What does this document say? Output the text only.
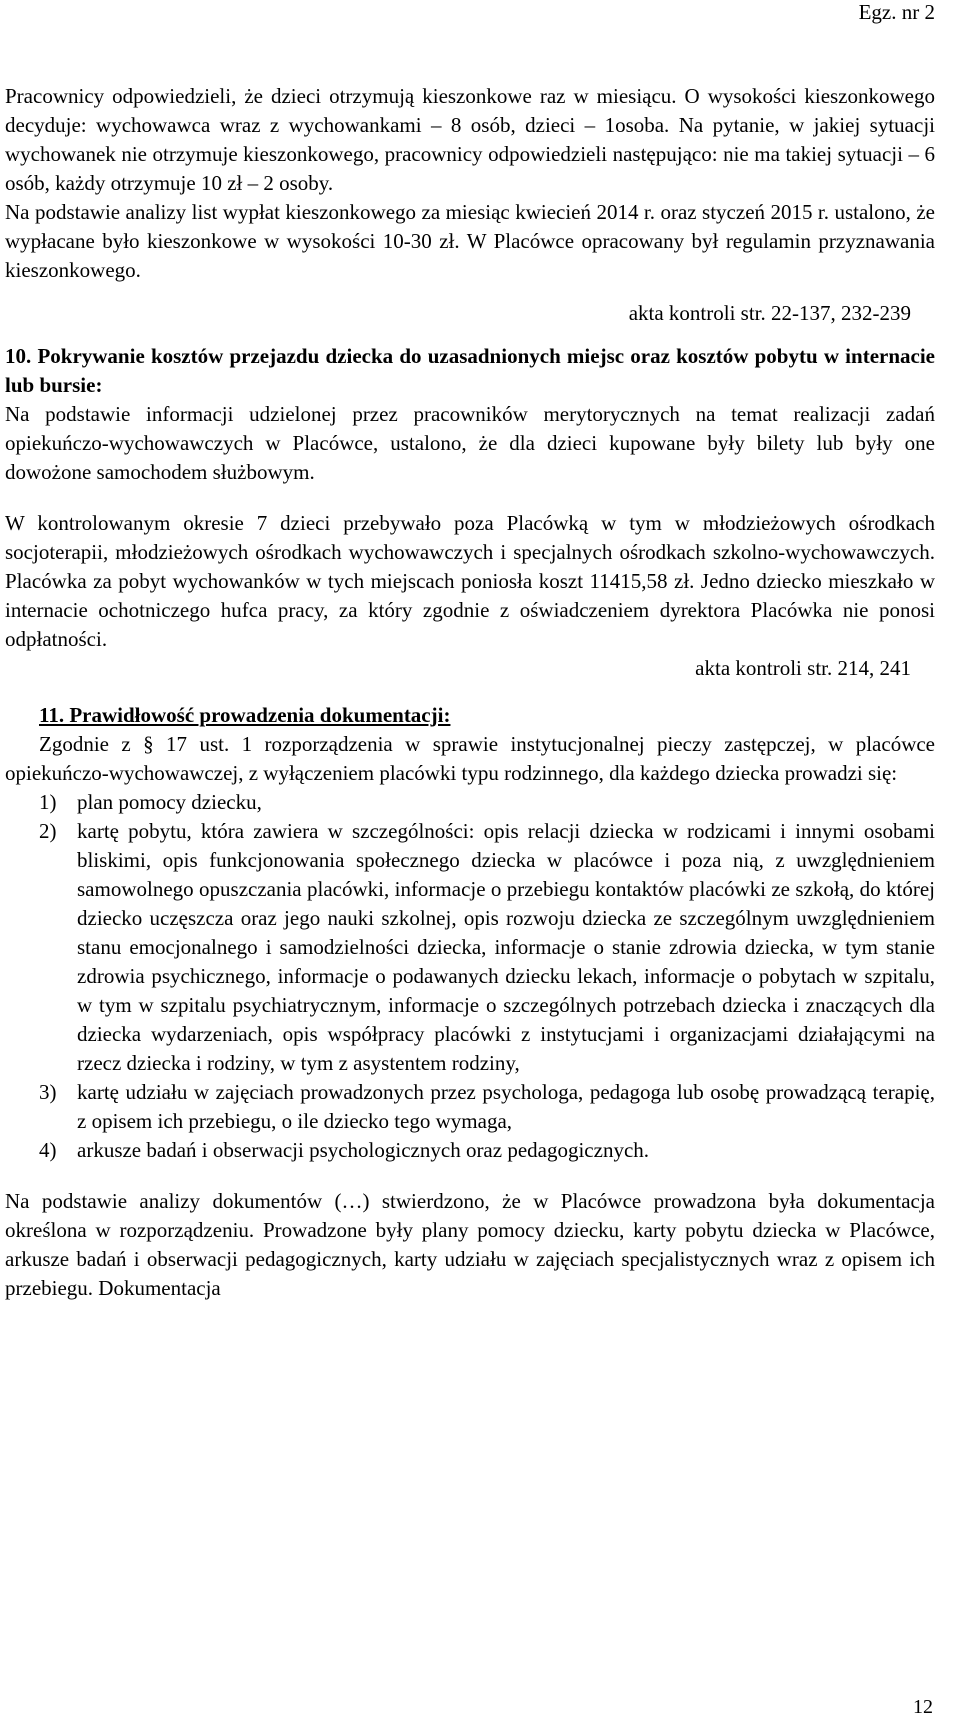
Egz. nr 2

Pracownicy odpowiedzieli, że dzieci otrzymują kieszonkowe raz w miesiącu. O wysokości kieszonkowego decyduje: wychowawca wraz z wychowankami – 8 osób, dzieci – 1osoba. Na pytanie, w jakiej sytuacji wychowanek nie otrzymuje kieszonkowego, pracownicy odpowiedzieli następująco: nie ma takiej sytuacji – 6 osób, każdy otrzymuje 10 zł – 2 osoby.

Na podstawie analizy list wypłat kieszonkowego za miesiąc kwiecień 2014 r. oraz styczeń 2015 r. ustalono, że wypłacane było kieszonkowe w wysokości 10-30 zł. W Placówce opracowany był regulamin przyznawania kieszonkowego.

akta kontroli str. 22-137, 232-239

10. Pokrywanie kosztów przejazdu dziecka do uzasadnionych miejsc oraz kosztów pobytu w internacie lub bursie:

Na podstawie informacji udzielonej przez pracowników merytorycznych na temat realizacji zadań opiekuńczo-wychowawczych w Placówce, ustalono, że dla dzieci kupowane były bilety lub były one dowożone samochodem służbowym.

W kontrolowanym okresie 7 dzieci przebywało poza Placówką w tym w młodzieżowych ośrodkach socjoterapii, młodzieżowych ośrodkach wychowawczych i specjalnych ośrodkach szkolno-wychowawczych. Placówka za pobyt wychowanków w tych miejscach poniosła koszt 11415,58 zł. Jedno dziecko mieszkało w internacie ochotniczego hufca pracy, za który zgodnie z oświadczeniem dyrektora Placówka nie ponosi odpłatności.

akta kontroli str. 214, 241

11. Prawidłowość prowadzenia dokumentacji:

Zgodnie z § 17 ust. 1 rozporządzenia w sprawie instytucjonalnej pieczy zastępczej, w placówce opiekuńczo-wychowawczej, z wyłączeniem placówki typu rodzinnego, dla każdego dziecka prowadzi się:

1) plan pomocy dziecku,
2) kartę pobytu, która zawiera w szczególności: opis relacji dziecka w rodzicami i innymi osobami bliskimi, opis funkcjonowania społecznego dziecka w placówce i poza nią, z uwzględnieniem samowolnego opuszczania placówki, informacje o przebiegu kontaktów placówki ze szkołą, do której dziecko uczęszcza oraz jego nauki szkolnej, opis rozwoju dziecka ze szczególnym uwzględnieniem stanu emocjonalnego i samodzielności dziecka, informacje o stanie zdrowia dziecka, w tym stanie zdrowia psychicznego, informacje o podawanych dziecku lekach, informacje o pobytach w szpitalu, w tym w szpitalu psychiatrycznym, informacje o szczególnych potrzebach dziecka i znaczących dla dziecka wydarzeniach, opis współpracy placówki z instytucjami i organizacjami działającymi na rzecz dziecka i rodziny, w tym z asystentem rodziny,
3) kartę udziału w zajęciach prowadzonych przez psychologa, pedagoga lub osobę prowadzącą terapię, z opisem ich przebiegu, o ile dziecko tego wymaga,
4) arkusze badań i obserwacji psychologicznych oraz pedagogicznych.

Na podstawie analizy dokumentów (…) stwierdzono, że w Placówce prowadzona była dokumentacja określona w rozporządzeniu. Prowadzone były plany pomocy dziecku, karty pobytu dziecka w Placówce, arkusze badań i obserwacji pedagogicznych, karty udziału w zajęciach specjalistycznych wraz z opisem ich przebiegu. Dokumentacja

12
